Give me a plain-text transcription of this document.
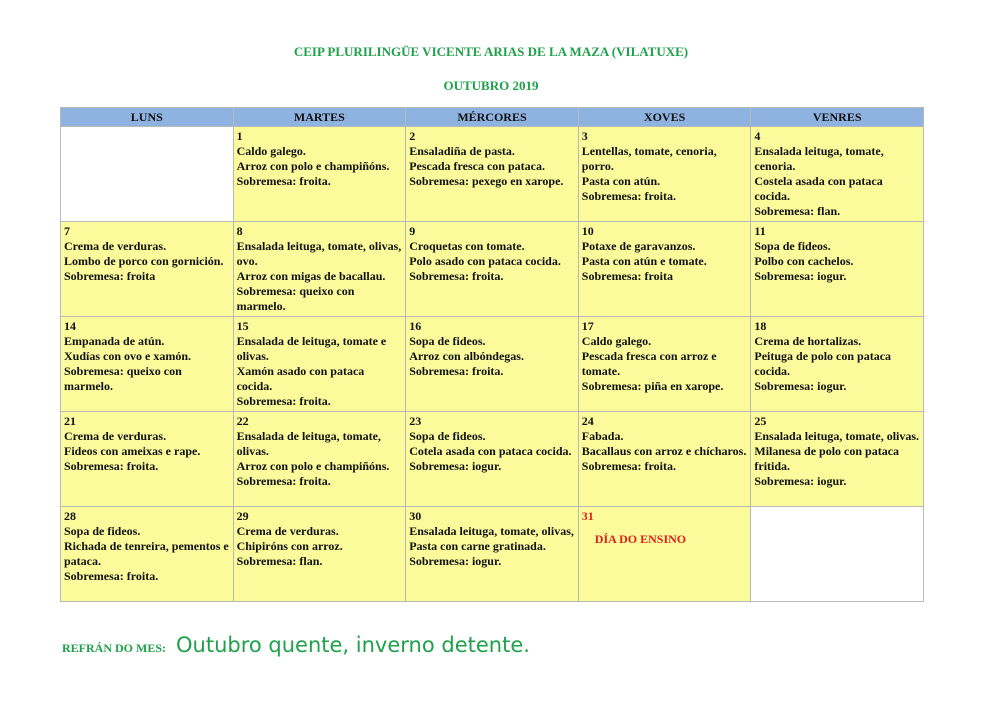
CEIP PLURILINGÜE VICENTE ARIAS DE LA MAZA (VILATUXE)
OUTUBRO 2019
LUNS	MARTES	MÉRCORES	XOVES	VENRES

	1
Caldo galego.
Arroz con polo e champiñóns.
Sobremesa: froita.	2
Ensaladiña de pasta.
Pescada fresca con pataca.
Sobremesa: pexego en xarope.	3
Lentellas, tomate, cenoria, porro.
Pasta con atún.
Sobremesa: froita.	4
Ensalada leituga, tomate, cenoria.
Costela asada con pataca cocida.
Sobremesa: flan.

7
Crema de verduras.
Lombo de porco con gornición.
Sobremesa: froita	8
Ensalada leituga, tomate, olivas, ovo.
Arroz con migas de bacallau.
Sobremesa: queixo con marmelo.	9
Croquetas con tomate.
Polo asado con pataca cocida.
Sobremesa: froita.	10
Potaxe de garavanzos.
Pasta con atún e tomate.
Sobremesa: froita	11
Sopa de fideos.
Polbo con cachelos.
Sobremesa: iogur.

14
Empanada de atún.
Xudías con ovo e xamón.
Sobremesa: queixo con marmelo.	15
Ensalada de leituga, tomate e olivas.
Xamón asado con pataca cocida.
Sobremesa: froita.	16
Sopa de fideos.
Arroz con albóndegas.
Sobremesa: froita.	17
Caldo galego.
Pescada fresca con arroz e tomate.
Sobremesa: piña en xarope.	18
Crema de hortalizas.
Peituga de polo con pataca cocida.
Sobremesa: iogur.

21
Crema de verduras.
Fideos con ameixas e rape.
Sobremesa: froita.	22
Ensalada de leituga, tomate, olivas.
Arroz con polo e champiñóns.
Sobremesa: froita.	23
Sopa de fideos.
Cotela asada con pataca cocida.
Sobremesa: iogur.	24
Fabada.
Bacallaus con arroz e chícharos.
Sobremesa: froita.	25
Ensalada leituga, tomate, olivas.
Milanesa de polo con pataca fritida.
Sobremesa: iogur.

28
Sopa de fideos.
Richada de tenreira, pementos e pataca.
Sobremesa: froita.	29
Crema de verduras.
Chipiróns con arroz.
Sobremesa: flan.	30
Ensalada leituga, tomate, olivas,
Pasta con carne gratinada.
Sobremesa: iogur.	31
DÍA DO ENSINO	

REFRÁN DO MES: Outubro quente, inverno detente.
